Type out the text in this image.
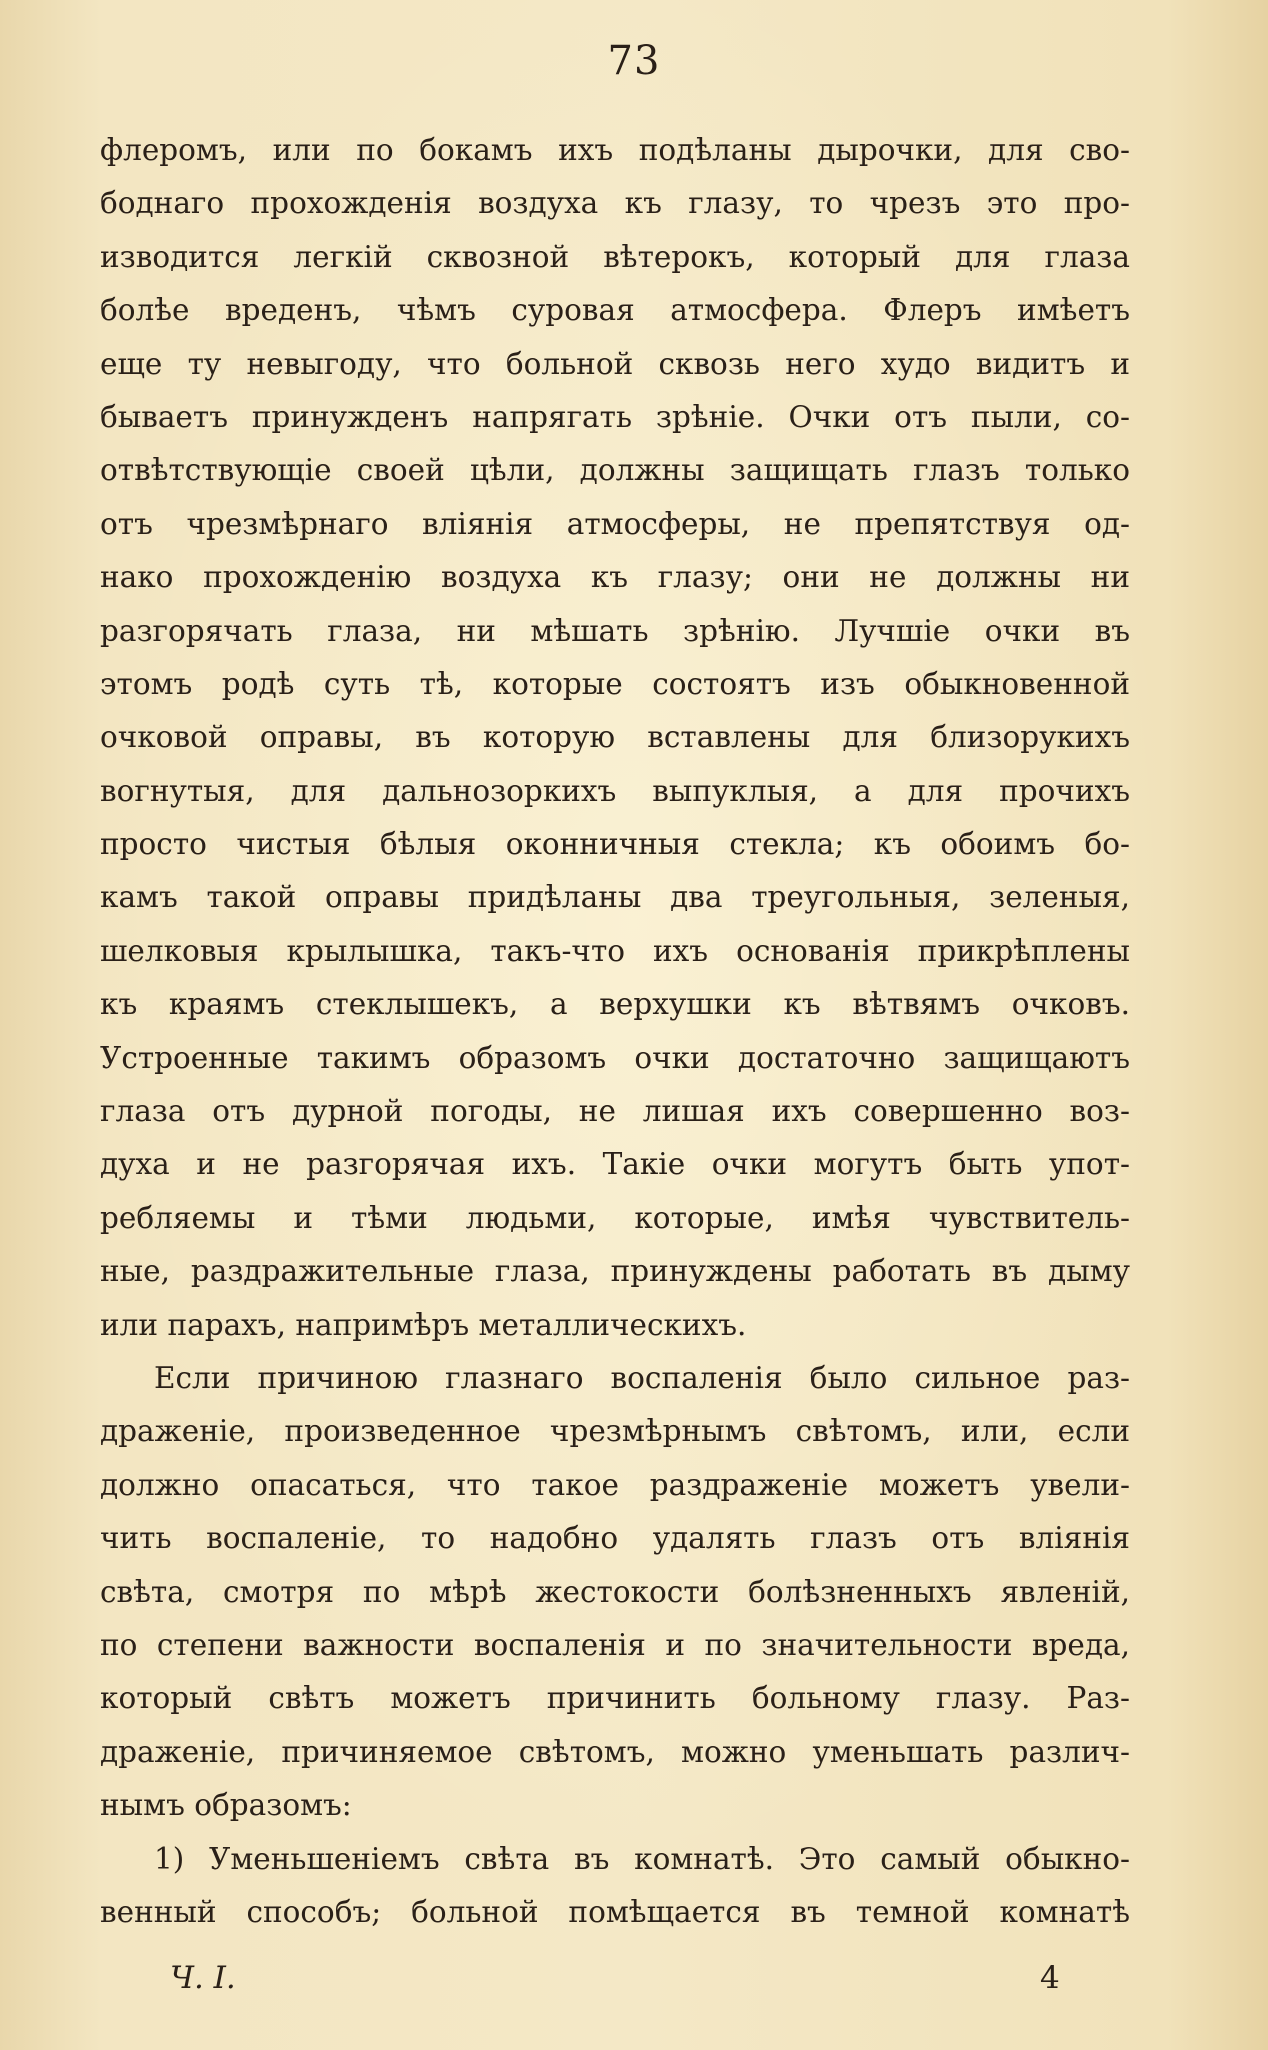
73
флеромъ, или по бокамъ ихъ подѣланы дырочки, для сво-
боднаго прохожденія воздуха къ глазу, то чрезъ это про-
изводится легкій сквозной вѣтерокъ, который для глаза
болѣе вреденъ, чѣмъ суровая атмосфера. Флеръ имѣетъ
еще ту невыгоду, что больной сквозь него худо видитъ и
бываетъ принужденъ напрягать зрѣніе. Очки отъ пыли, со-
отвѣтствующіе своей цѣли, должны защищать глазъ только
отъ чрезмѣрнаго вліянія атмосферы, не препятствуя од-
нако прохожденію воздуха къ глазу; они не должны ни
разгорячать глаза, ни мѣшать зрѣнію. Лучшіе очки въ
этомъ родѣ суть тѣ, которые состоятъ изъ обыкновенной
очковой оправы, въ которую вставлены для близорукихъ
вогнутыя, для дальнозоркихъ выпуклыя, а для прочихъ
просто чистыя бѣлыя оконничныя стекла; къ обоимъ бо-
камъ такой оправы придѣланы два треугольныя, зеленыя,
шелковыя крылышка, такъ-что ихъ основанія прикрѣплены
къ краямъ стеклышекъ, а верхушки къ вѣтвямъ очковъ.
Устроенные такимъ образомъ очки достаточно защищаютъ
глаза отъ дурной погоды, не лишая ихъ совершенно воз-
духа и не разгорячая ихъ. Такіе очки могутъ быть упот-
ребляемы и тѣми людьми, которые, имѣя чувствитель-
ные, раздражительные глаза, принуждены работать въ дыму
или парахъ, напримѣръ металлическихъ.
Если причиною глазнаго воспаленія было сильное раз-
драженіе, произведенное чрезмѣрнымъ свѣтомъ, или, если
должно опасаться, что такое раздраженіе можетъ увели-
чить воспаленіе, то надобно удалять глазъ отъ вліянія
свѣта, смотря по мѣрѣ жестокости болѣзненныхъ явленій,
по степени важности воспаленія и по значительности вреда,
который свѣтъ можетъ причинить больному глазу. Раз-
драженіе, причиняемое свѣтомъ, можно уменьшать различ-
нымъ образомъ:
1) Уменьшеніемъ свѣта въ комнатѣ. Это самый обыкно-
венный способъ; больной помѣщается въ темной комнатѣ
Ч. I.	4
